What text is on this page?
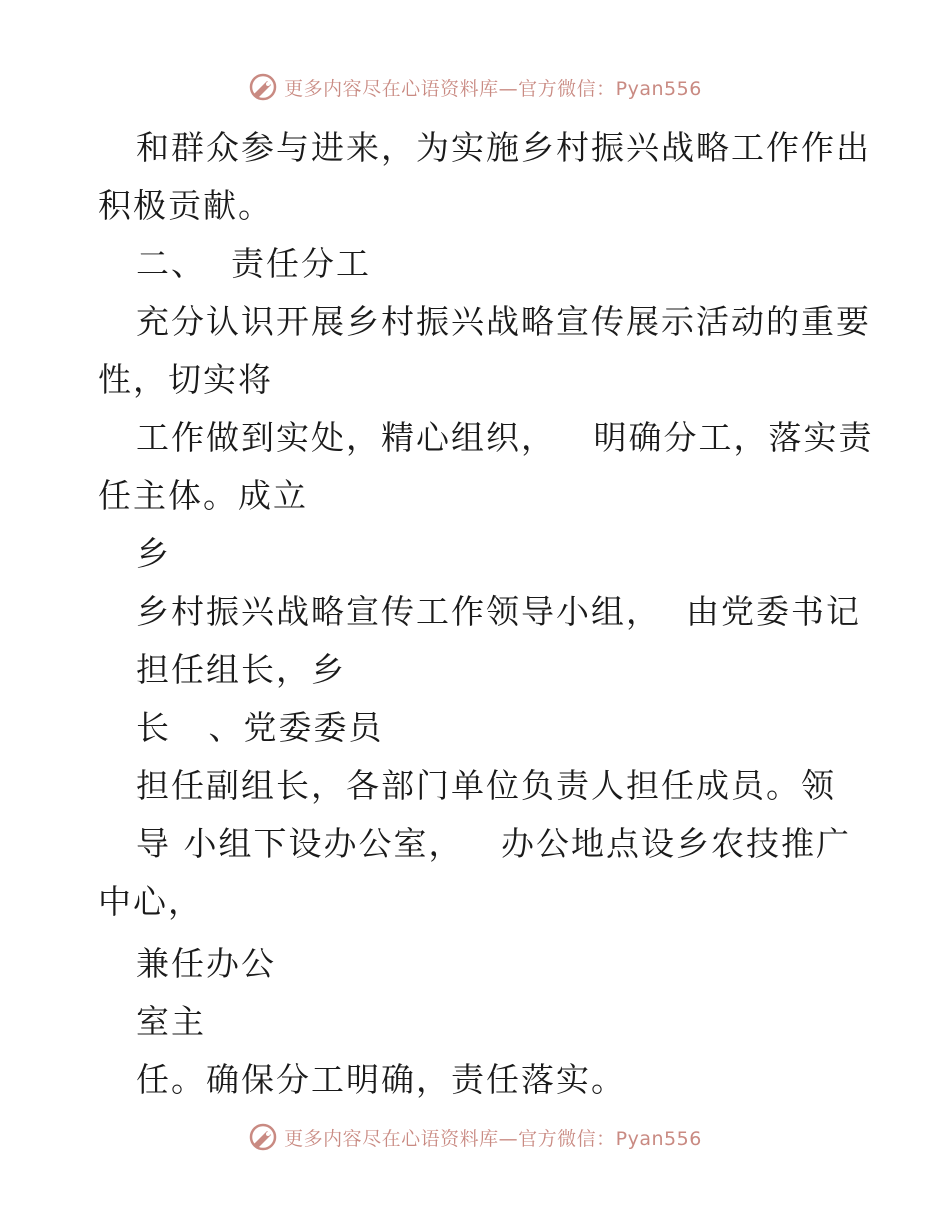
更多内容尽在心语资料库—官方微信：Pyan556
和群众参与进来，为实施乡村振兴战略工作作出
积极贡献。
二、  责任分工
充分认识开展乡村振兴战略宣传展示活动的重要
性，切实将
工作做到实处，精心组织，   明确分工，落实责
任主体。成立
乡
乡村振兴战略宣传工作领导小组，  由党委书记
担任组长，乡
长   、党委委员
担任副组长，各部门单位负责人担任成员。领
导 小组下设办公室，   办公地点设乡农技推广
中心，
兼任办公
室主
任。确保分工明确，责任落实。
更多内容尽在心语资料库—官方微信：Pyan556
